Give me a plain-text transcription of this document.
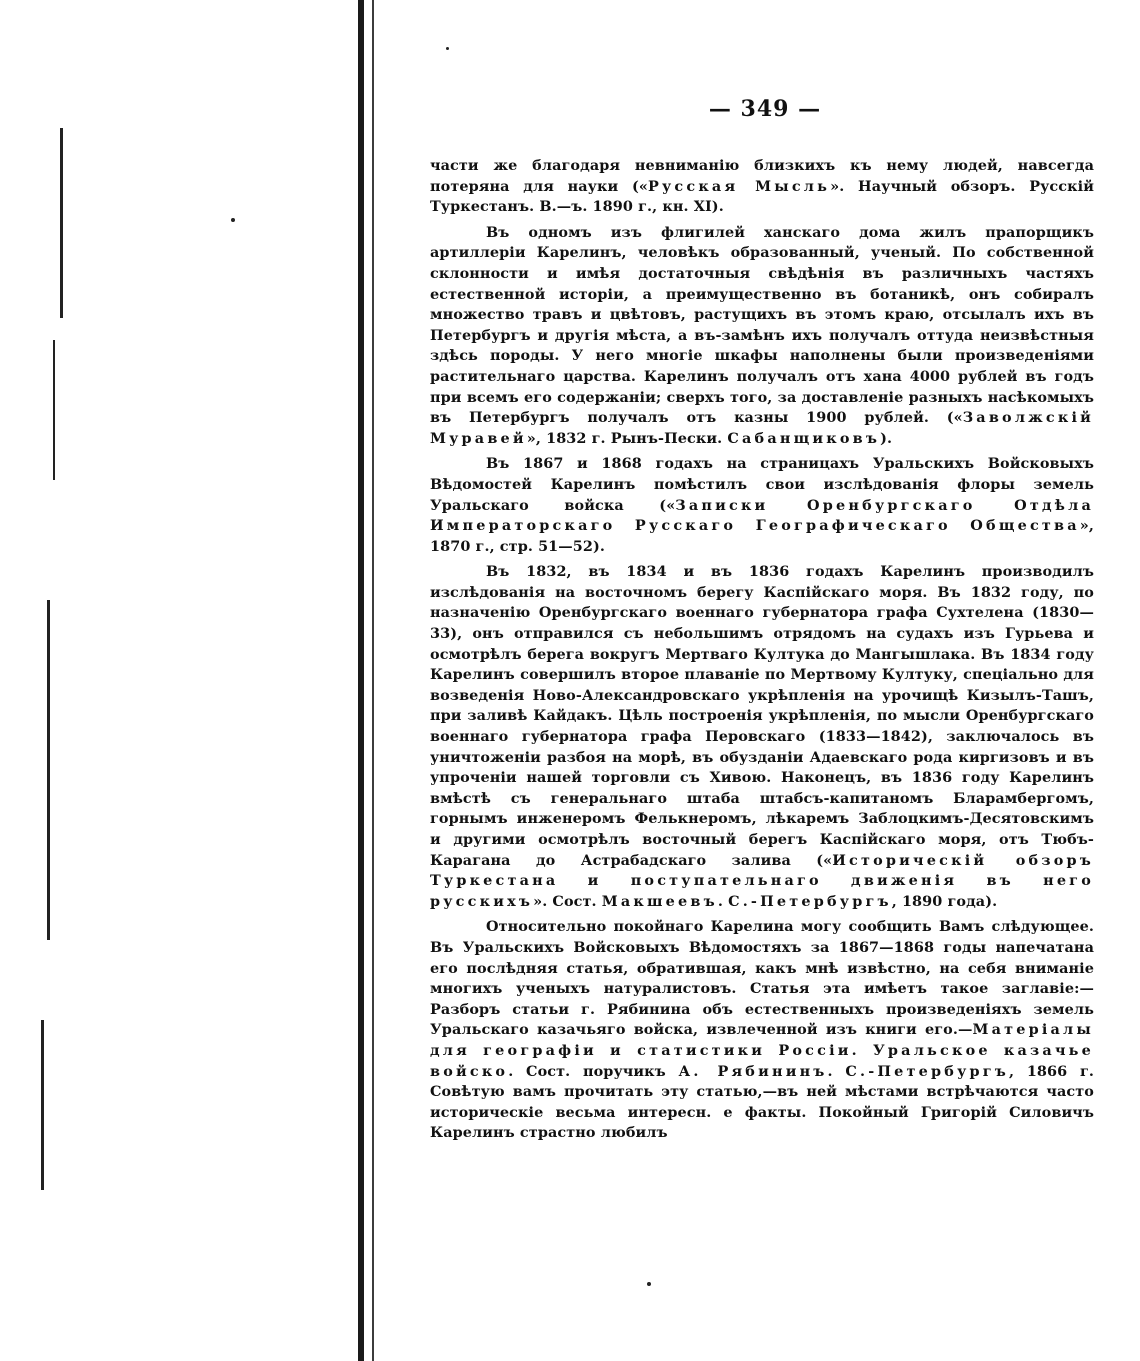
— 349 —

части же благодаря невниманію близкихъ къ нему людей, навсегда потеряна для науки («Русская Мысль». Научный обзоръ. Русскій Туркестанъ. В.—ъ. 1890 г., кн. XI).

Въ одномъ изъ флигилей ханскаго дома жилъ прапорщикъ артиллеріи Карелинъ, человѣкъ образованный, ученый. По собственной склонности и имѣя достаточныя свѣдѣнія въ различныхъ частяхъ естественной исторіи, а преимущественно въ ботаникѣ, онъ собиралъ множество травъ и цвѣтовъ, растущихъ въ этомъ краю, отсылалъ ихъ въ Петербургъ и другія мѣста, а въ-замѣнъ ихъ получалъ оттуда неизвѣстныя здѣсь породы. У него многіе шкафы наполнены были произведеніями растительнаго царства. Карелинъ получалъ отъ хана 4000 рублей въ годъ при всемъ его содержаніи; сверхъ того, за доставленіе разныхъ насѣкомыхъ въ Петербургъ получалъ отъ казны 1900 рублей. («Заволжскій Муравей», 1832 г. Рынъ-Пески. Сабанщиковъ).

Въ 1867 и 1868 годахъ на страницахъ Уральскихъ Войсковыхъ Вѣдомостей Карелинъ помѣстилъ свои изслѣдованія флоры земель Уральскаго войска («Записки Оренбургскаго Отдѣла Императорскаго Русскаго Географическаго Общества», 1870 г., стр. 51—52).

Въ 1832, въ 1834 и въ 1836 годахъ Карелинъ производилъ изслѣдованія на восточномъ берегу Каспійскаго моря. Въ 1832 году, по назначенію Оренбургскаго военнаго губернатора графа Сухтелена (1830—33), онъ отправился съ небольшимъ отрядомъ на судахъ изъ Гурьева и осмотрѣлъ берега вокругъ Мертваго Култука до Мангышлака. Въ 1834 году Карелинъ совершилъ второе плаваніе по Мертвому Култуку, спеціально для возведенія Ново-Александровскаго укрѣпленія на урочищѣ Кизылъ-Ташъ, при заливѣ Кайдакъ. Цѣль построенія укрѣпленія, по мысли Оренбургскаго военнаго губернатора графа Перовскаго (1833—1842), заключалось въ уничтоженіи разбоя на морѣ, въ обузданіи Адаевскаго рода киргизовъ и въ упроченіи нашей торговли съ Хивою. Наконецъ, въ 1836 году Карелинъ вмѣстѣ съ генеральнаго штаба штабсъ-капитаномъ Бларамбергомъ, горнымъ инженеромъ Фелькнеромъ, лѣкаремъ Заблоцкимъ-Десятовскимъ и другими осмотрѣлъ восточный берегъ Каспійскаго моря, отъ Тюбъ-Карагана до Астрабадскаго залива («Историческій обзоръ Туркестана и поступательнаго движенія въ него русскихъ». Сост. Макшеевъ. С.-Петербургъ, 1890 года).

Относительно покойнаго Карелина могу сообщить Вамъ слѣдующее. Въ Уральскихъ Войсковыхъ Вѣдомостяхъ за 1867—1868 годы напечатана его послѣдняя статья, обратившая, какъ мнѣ извѣстно, на себя вниманіе многихъ ученыхъ натуралистовъ. Статья эта имѣетъ такое заглавіе:—Разборъ статьи г. Рябинина объ естественныхъ произведеніяхъ земель Уральскаго казачьяго войска, извлеченной изъ книги его.—Матеріалы для географіи и статистики Россіи. Уральское казачье войско. Сост. поручикъ А. Рябининъ. С.-Петербургъ, 1866 г. Совѣтую вамъ прочитать эту статью,—въ ней мѣстами встрѣчаются часто историческіе весьма интересн. е факты. Покойный Григорій Силовичъ Карелинъ страстно любилъ
